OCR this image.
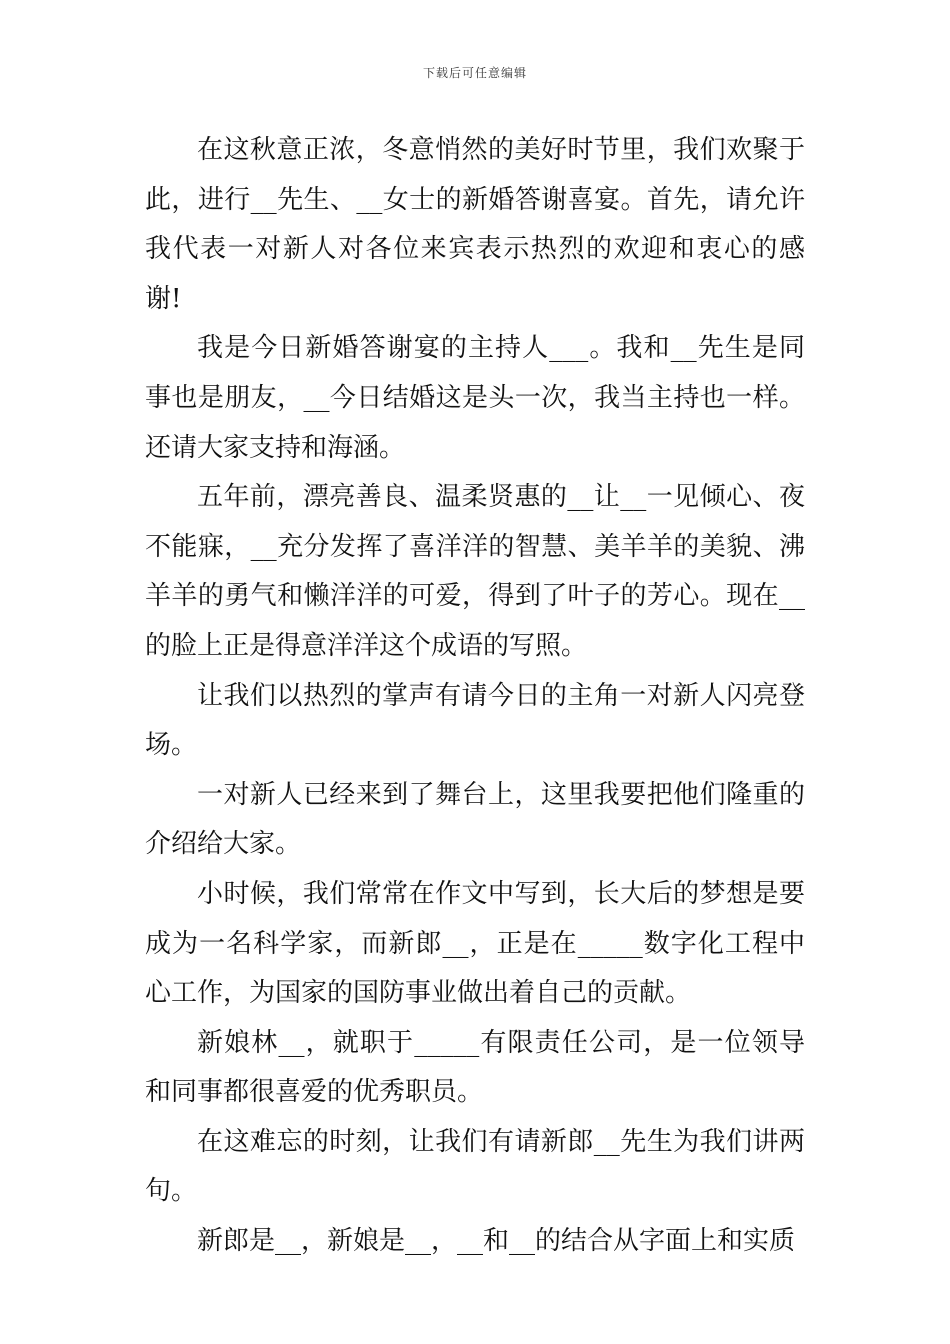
下载后可任意编辑

在这秋意正浓，冬意悄然的美好时节里，我们欢聚于此，进行__先生、__女士的新婚答谢喜宴。首先，请允许我代表一对新人对各位来宾表示热烈的欢迎和衷心的感谢!

我是今日新婚答谢宴的主持人___。我和__先生是同事也是朋友，__今日结婚这是头一次，我当主持也一样。还请大家支持和海涵。

五年前，漂亮善良、温柔贤惠的__让__一见倾心、夜不能寐，__充分发挥了喜洋洋的智慧、美羊羊的美貌、沸羊羊的勇气和懒洋洋的可爱，得到了叶子的芳心。现在__的脸上正是得意洋洋这个成语的写照。

让我们以热烈的掌声有请今日的主角一对新人闪亮登场。

一对新人已经来到了舞台上，这里我要把他们隆重的介绍给大家。

小时候，我们常常在作文中写到，长大后的梦想是要成为一名科学家，而新郎__，正是在_____数字化工程中心工作，为国家的国防事业做出着自己的贡献。

新娘林__，就职于_____有限责任公司，是一位领导和同事都很喜爱的优秀职员。

在这难忘的时刻，让我们有请新郎__先生为我们讲两句。

新郎是__，新娘是__，__和__的结合从字面上和实质
